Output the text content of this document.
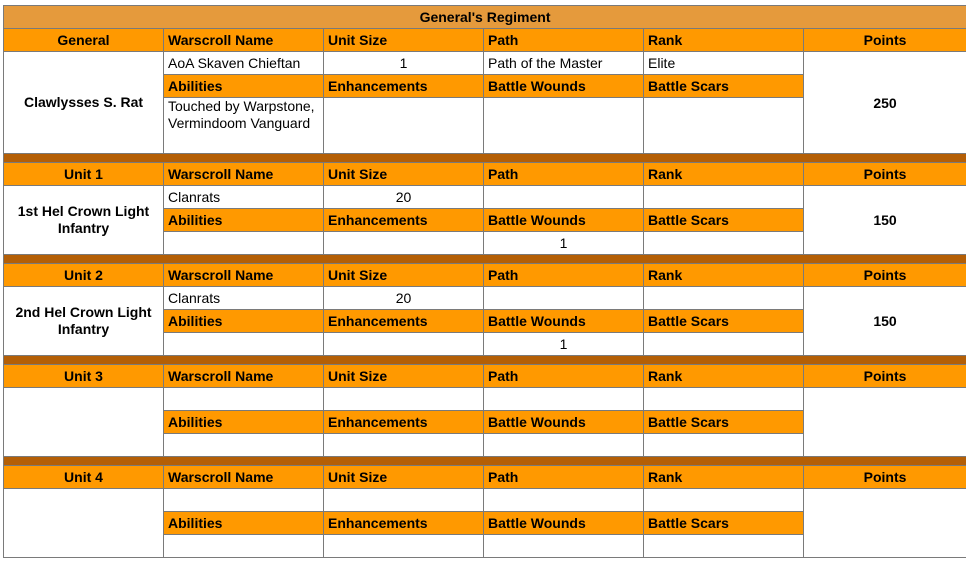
General's Regiment					
General	Warscroll Name	Unit Size	Path	Rank	Points
Clawlysses S. Rat	AoA Skaven Chieftan	1	Path of the Master	Elite	250
	Abilities	Enhancements	Battle Wounds	Battle Scars	
	Touched by Warpstone, Vermindoom Vanguard				

Unit 1	Warscroll Name	Unit Size	Path	Rank	Points
1st Hel Crown Light Infantry	Clanrats	20			150
	Abilities	Enhancements	Battle Wounds	Battle Scars	
			1		

Unit 2	Warscroll Name	Unit Size	Path	Rank	Points
2nd Hel Crown Light Infantry	Clanrats	20			150
	Abilities	Enhancements	Battle Wounds	Battle Scars	
			1		

Unit 3	Warscroll Name	Unit Size	Path	Rank	Points

	Abilities	Enhancements	Battle Wounds	Battle Scars	

Unit 4	Warscroll Name	Unit Size	Path	Rank	Points

	Abilities	Enhancements	Battle Wounds	Battle Scars	
